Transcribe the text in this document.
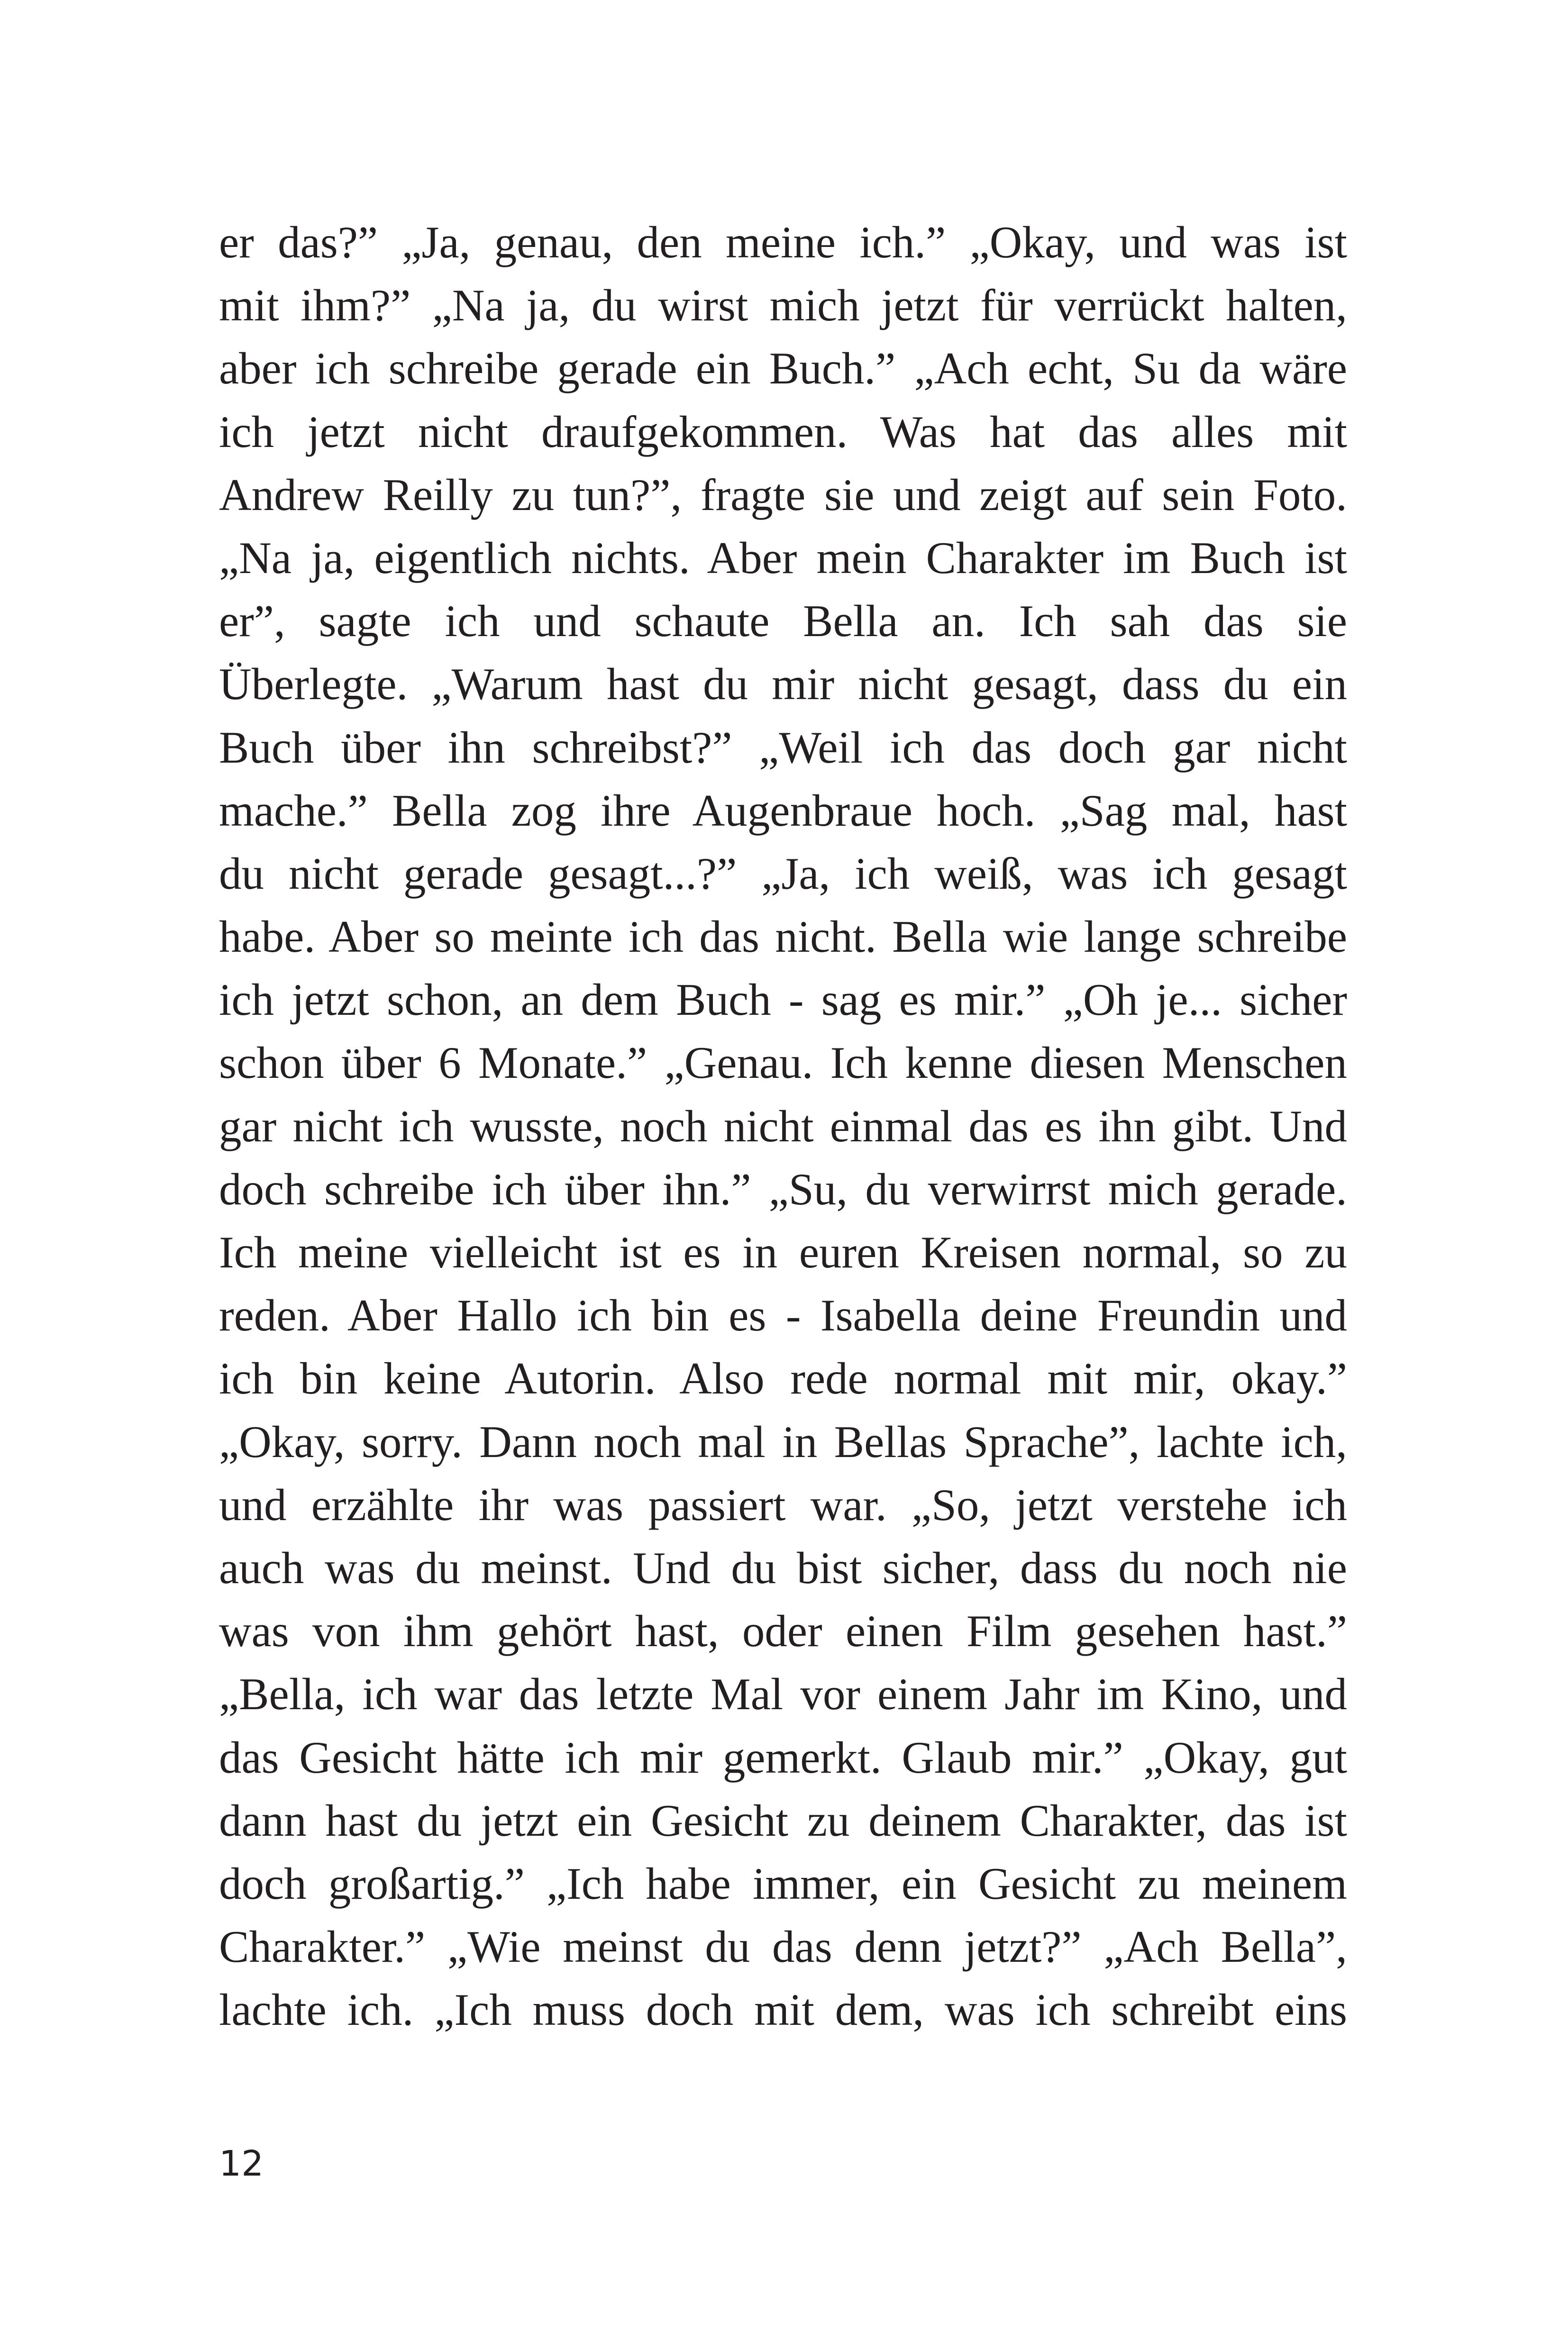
er das?” „Ja, genau, den meine ich.” „Okay, und was ist
mit ihm?” „Na ja, du wirst mich jetzt für verrückt halten,
aber ich schreibe gerade ein Buch.” „Ach echt, Su da wäre
ich jetzt nicht draufgekommen. Was hat das alles mit
Andrew Reilly zu tun?”, fragte sie und zeigt auf sein Foto.
„Na ja, eigentlich nichts. Aber mein Charakter im Buch ist
er”, sagte ich und schaute Bella an. Ich sah das sie
Überlegte. „Warum hast du mir nicht gesagt, dass du ein
Buch über ihn schreibst?” „Weil ich das doch gar nicht
mache.” Bella zog ihre Augenbraue hoch. „Sag mal, hast
du nicht gerade gesagt...?” „Ja, ich weiß, was ich gesagt
habe. Aber so meinte ich das nicht. Bella wie lange schreibe
ich jetzt schon, an dem Buch - sag es mir.” „Oh je... sicher
schon über 6 Monate.” „Genau. Ich kenne diesen Menschen
gar nicht ich wusste, noch nicht einmal das es ihn gibt. Und
doch schreibe ich über ihn.” „Su, du verwirrst mich gerade.
Ich meine vielleicht ist es in euren Kreisen normal, so zu
reden. Aber Hallo ich bin es - Isabella deine Freundin und
ich bin keine Autorin. Also rede normal mit mir, okay.”
„Okay, sorry. Dann noch mal in Bellas Sprache”, lachte ich,
und erzählte ihr was passiert war. „So, jetzt verstehe ich
auch was du meinst. Und du bist sicher, dass du noch nie
was von ihm gehört hast, oder einen Film gesehen hast.”
„Bella, ich war das letzte Mal vor einem Jahr im Kino, und
das Gesicht hätte ich mir gemerkt. Glaub mir.” „Okay, gut
dann hast du jetzt ein Gesicht zu deinem Charakter, das ist
doch großartig.” „Ich habe immer, ein Gesicht zu meinem
Charakter.” „Wie meinst du das denn jetzt?” „Ach Bella”,
lachte ich. „Ich muss doch mit dem, was ich schreibt eins
12
